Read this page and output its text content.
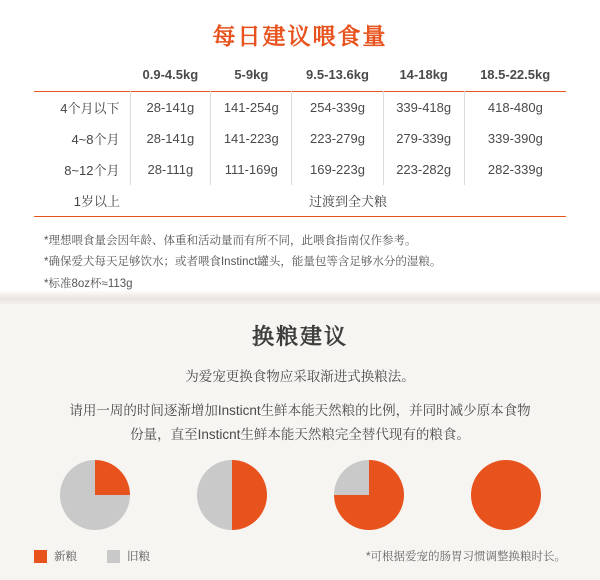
每日建议喂食量
	0.9-4.5kg	5-9kg	9.5-13.6kg	14-18kg	18.5-22.5kg
4个月以下	28-141g	141-254g	254-339g	339-418g	418-480g
4~8个月	28-141g	141-223g	223-279g	279-339g	339-390g
8~12个月	28-111g	111-169g	169-223g	223-282g	282-339g
1岁以上	过渡到全犬粮				
*理想喂食量会因年龄、体重和活动量而有所不同，此喂食指南仅作参考。
*确保爱犬每天足够饮水；或者喂食Instinct罐头，能量包等含足够水分的湿粮。
*标准8oz杯≈113g
换粮建议
为爱宠更换食物应采取渐进式换粮法。
请用一周的时间逐渐增加Insticnt生鲜本能天然粮的比例，并同时减少原本食物
份量，直至Insticnt生鲜本能天然粮完全替代现有的粮食。
新粮	旧粮	*可根据爱宠的肠胃习惯调整换粮时长。
